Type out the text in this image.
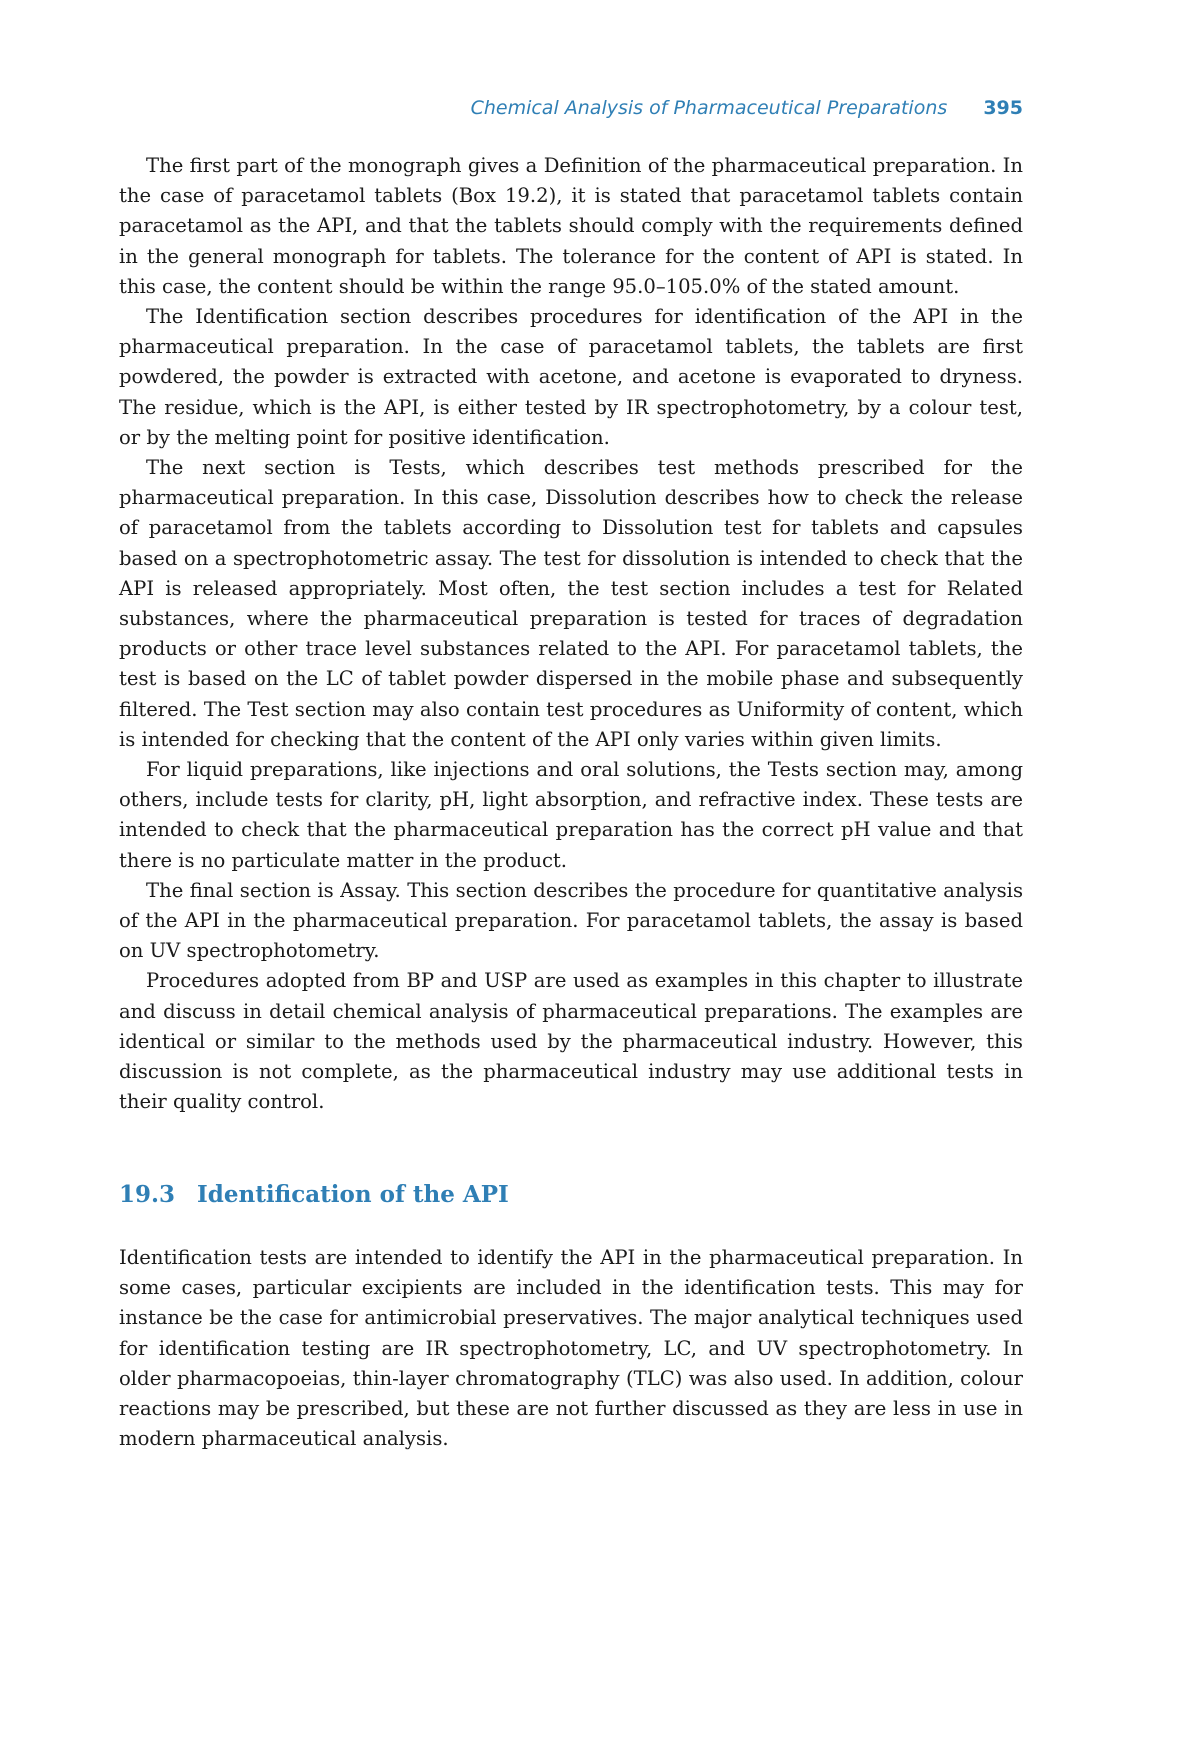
Chemical Analysis of Pharmaceutical Preparations 395

The first part of the monograph gives a Definition of the pharmaceutical preparation. In the case of paracetamol tablets (Box 19.2), it is stated that paracetamol tablets contain paracetamol as the API, and that the tablets should comply with the requirements defined in the general monograph for tablets. The tolerance for the content of API is stated. In this case, the content should be within the range 95.0–105.0% of the stated amount.

The Identification section describes procedures for identification of the API in the pharmaceutical preparation. In the case of paracetamol tablets, the tablets are first powdered, the powder is extracted with acetone, and acetone is evaporated to dryness. The residue, which is the API, is either tested by IR spectrophotometry, by a colour test, or by the melting point for positive identification.

The next section is Tests, which describes test methods prescribed for the pharmaceutical preparation. In this case, Dissolution describes how to check the release of paracetamol from the tablets according to Dissolution test for tablets and capsules based on a spectrophotometric assay. The test for dissolution is intended to check that the API is released appropriately. Most often, the test section includes a test for Related substances, where the pharmaceutical preparation is tested for traces of degradation products or other trace level substances related to the API. For paracetamol tablets, the test is based on the LC of tablet powder dispersed in the mobile phase and subsequently filtered. The Test section may also contain test procedures as Uniformity of content, which is intended for checking that the content of the API only varies within given limits.

For liquid preparations, like injections and oral solutions, the Tests section may, among others, include tests for clarity, pH, light absorption, and refractive index. These tests are intended to check that the pharmaceutical preparation has the correct pH value and that there is no particulate matter in the product.

The final section is Assay. This section describes the procedure for quantitative analysis of the API in the pharmaceutical preparation. For paracetamol tablets, the assay is based on UV spectrophotometry.

Procedures adopted from BP and USP are used as examples in this chapter to illustrate and discuss in detail chemical analysis of pharmaceutical preparations. The examples are identical or similar to the methods used by the pharmaceutical industry. However, this discussion is not complete, as the pharmaceutical industry may use additional tests in their quality control.

19.3 Identification of the API

Identification tests are intended to identify the API in the pharmaceutical preparation. In some cases, particular excipients are included in the identification tests. This may for instance be the case for antimicrobial preservatives. The major analytical techniques used for identification testing are IR spectrophotometry, LC, and UV spectrophotometry. In older pharmacopoeias, thin-layer chromatography (TLC) was also used. In addition, colour reactions may be prescribed, but these are not further discussed as they are less in use in modern pharmaceutical analysis.
